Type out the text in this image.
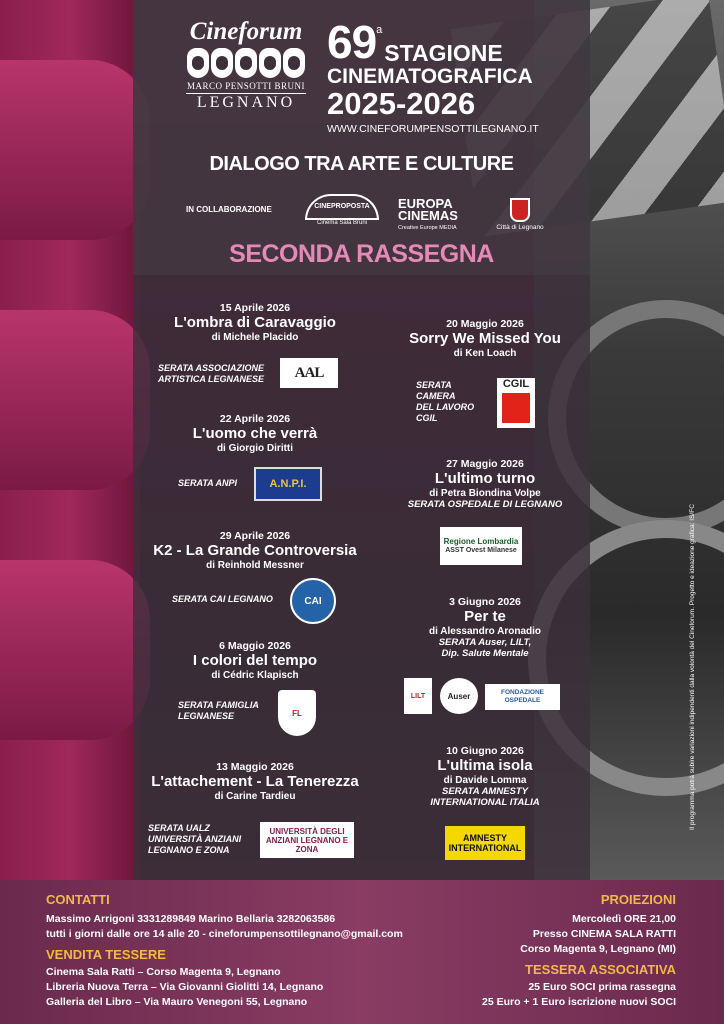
Cineforum
MARCO PENSOTTI BRUNI
LEGNANO
69 a
STAGIONE
CINEMATOGRAFICA
2025-2026
WWW.CINEFORUMPENSOTTILEGNANO.IT
DIALOGO TRA ARTE E CULTURE
IN COLLABORAZIONE	CINEPROPOSTA
Cinema Sala Bruni
EUROPA CINEMAS
Creative Europe MEDIA	Città di Legnano
SECONDA RASSEGNA
15 Aprile 2026
L'ombra di Caravaggio
di Michele Placido
SERATA ASSOCIAZIONE
ARTISTICA LEGNANESE	AAL
22 Aprile 2026
L'uomo che verrà
di Giorgio Diritti
SERATA ANPI	A.N.P.I.
29 Aprile 2026
K2 - La Grande Controversia
di Reinhold Messner
SERATA CAI LEGNANO	CAI
6 Maggio 2026
I colori del tempo
di Cédric Klapisch
SERATA FAMIGLIA
LEGNANESE	FL
13 Maggio 2026
L'attachement - La Tenerezza
di Carine Tardieu
SERATA UALZ
UNIVERSITÀ ANZIANI
LEGNANO E ZONA
UNIVERSITÀ DEGLI ANZIANI LEGNANO E ZONA
20 Maggio 2026
Sorry We Missed You
di Ken Loach
SERATA
CAMERA
DEL LAVORO
CGIL
CGIL
27 Maggio 2026
L'ultimo turno
di Petra Biondina Volpe
SERATA OSPEDALE DI LEGNANO
Regione Lombardia
ASST Ovest Milanese
3 Giugno 2026
Per te
di Alessandro Aronadio
SERATA Auser, LILT,
Dip. Salute Mentale
LILT	Auser	FONDAZIONE OSPEDALE
10 Giugno 2026
L'ultima isola
di Davide Lomma
SERATA AMNESTY
INTERNATIONAL ITALIA
AMNESTY INTERNATIONAL
Il programma potrà subire variazioni indipendenti dalla volontà del Cineforum. Progetto e ideazione grafica: IS/FC
CONTATTI
Massimo Arrigoni 3331289849 Marino Bellaria 3282063586
tutti i giorni dalle ore 14 alle 20 - cineforumpensottilegnano@gmail.com
VENDITA TESSERE
Cinema Sala Ratti – Corso Magenta 9, Legnano
Libreria Nuova Terra – Via Giovanni Giolitti 14, Legnano
Galleria del Libro – Via Mauro Venegoni 55, Legnano
PROIEZIONI
Mercoledì ORE 21,00
Presso CINEMA SALA RATTI
Corso Magenta 9, Legnano (MI)
TESSERA ASSOCIATIVA
25 Euro SOCI prima rassegna
25 Euro + 1 Euro iscrizione nuovi SOCI
